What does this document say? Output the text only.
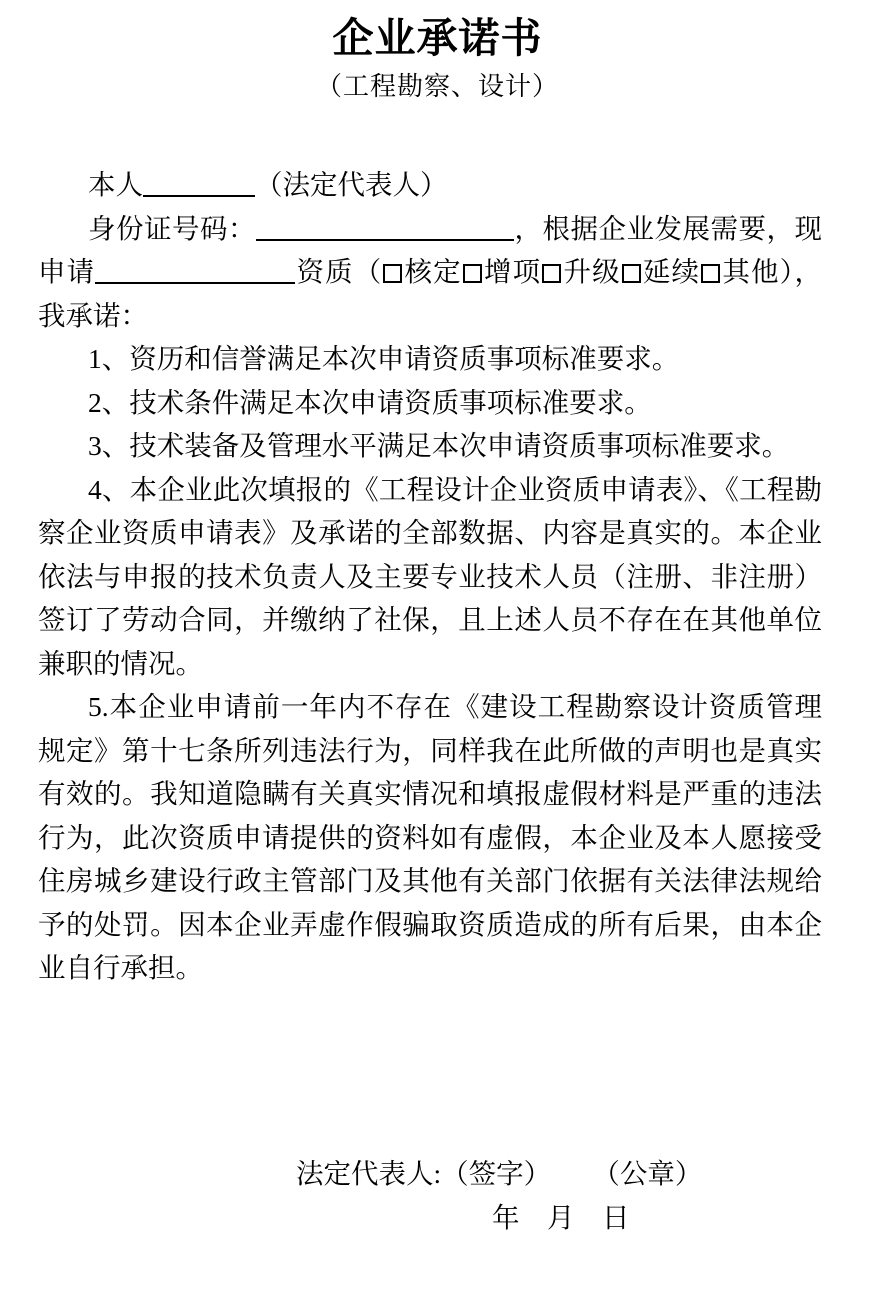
企业承诺书
（工程勘察、设计）

本人	（法定代表人）

身份证号码：	，根据企业发展需要，现申请	资质（ 核定 增项 升级 延续 其他），我承诺：

1、资历和信誉满足本次申请资质事项标准要求。

2、技术条件满足本次申请资质事项标准要求。

3、技术装备及管理水平满足本次申请资质事项标准要求。

4、本企业此次填报的《工程设计企业资质申请表》、《工程勘察企业资质申请表》及承诺的全部数据、内容是真实的。本企业依法与申报的技术负责人及主要专业技术人员（注册、非注册）签订了劳动合同，并缴纳了社保，且上述人员不存在在其他单位兼职的情况。

5.本企业申请前一年内不存在《建设工程勘察设计资质管理规定》第十七条所列违法行为，同样我在此所做的声明也是真实有效的。我知道隐瞒有关真实情况和填报虚假材料是严重的违法行为，此次资质申请提供的资料如有虚假，本企业及本人愿接受住房城乡建设行政主管部门及其他有关部门依据有关法律法规给予的处罚。因本企业弄虚作假骗取资质造成的所有后果，由本企业自行承担。

法定代表人:（签字）      （公章）

年    月    日
